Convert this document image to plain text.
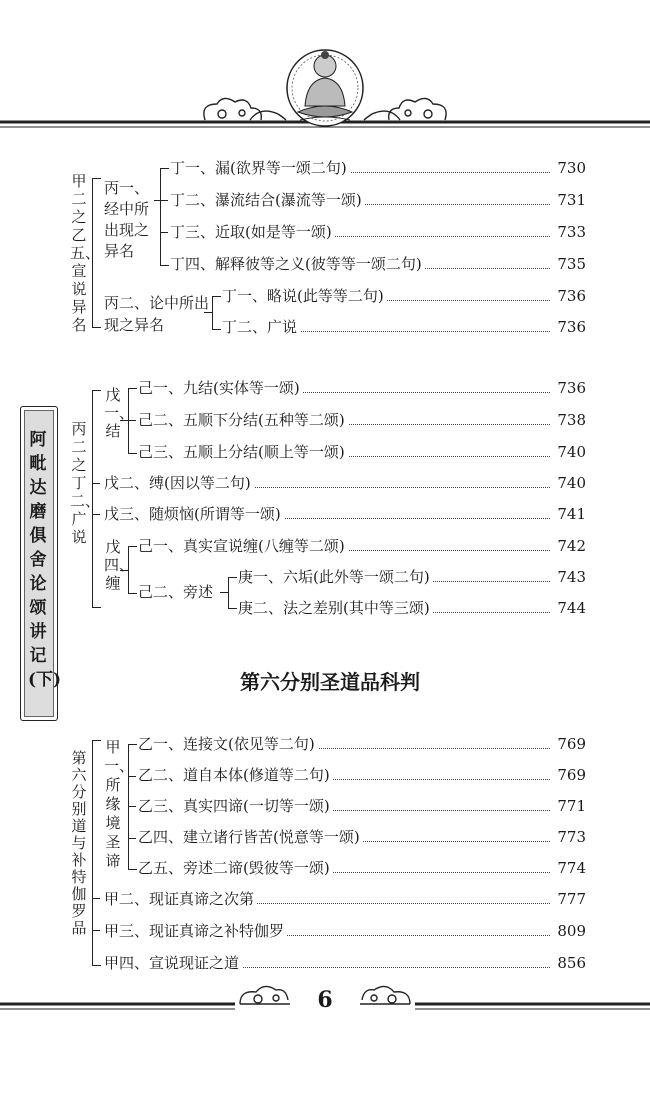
阿毗达磨俱舍论颂讲记(下)
甲二之乙五、宣说异名
丙一、经中所出现之异名
丁一、漏(欲界等一颂二句)	730
丁二、瀑流结合(瀑流等一颂)	731
丁三、近取(如是等一颂)	733
丁四、解释彼等之义(彼等等一颂二句)	735
丙二、论中所出现之异名
丁一、略说(此等等二句)	736
丁二、广说	736
丙二之丁二、广说
戊一、结
己一、九结(实体等一颂)	736
己二、五顺下分结(五种等二颂)	738
己三、五顺上分结(顺上等一颂)	740
戊二、缚(因以等二句)	740
戊三、随烦恼(所谓等一颂)	741
戊四、缠
己一、真实宣说缠(八缠等二颂)	742
己二、旁述
庚一、六垢(此外等一颂二句)	743
庚二、法之差别(其中等三颂)	744
第六分别圣道品科判
第六分别道与补特伽罗品
甲一、所缘境圣谛
乙一、连接文(依见等二句)	769
乙二、道自本体(修道等二句)	769
乙三、真实四谛(一切等一颂)	771
乙四、建立诸行皆苦(悦意等一颂)	773
乙五、旁述二谛(毁彼等一颂)	774
甲二、现证真谛之次第	777
甲三、现证真谛之补特伽罗	809
甲四、宣说现证之道	856
6
